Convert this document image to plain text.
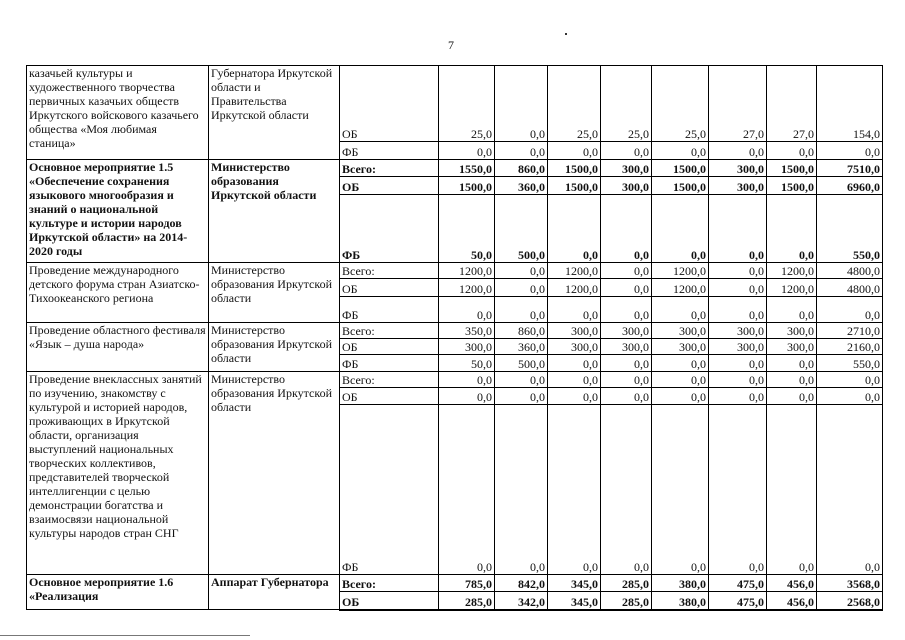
7
казачьей культуры и художественного творчества первичных казачьих обществ Иркутского войскового казачьего общества «Моя любимая станица»	Губернатора Иркутской области и Правительства Иркутской области	ОБ	25,0	0,0	25,0	25,0	25,0	27,0	27,0	154,0
		ФБ	0,0	0,0	0,0	0,0	0,0	0,0	0,0	0,0
Основное мероприятие 1.5 «Обеспечение сохранения языкового многообразия и знаний о национальной культуре и истории народов Иркутской области» на 2014-2020 годы	Министерство образования Иркутской области	Всего:	1550,0	860,0	1500,0	300,0	1500,0	300,0	1500,0	7510,0
		ОБ	1500,0	360,0	1500,0	300,0	1500,0	300,0	1500,0	6960,0
		ФБ	50,0	500,0	0,0	0,0	0,0	0,0	0,0	550,0
Проведение международного детского форума стран Азиатско-Тихоокеанского региона	Министерство образования Иркутской области	Всего:	1200,0	0,0	1200,0	0,0	1200,0	0,0	1200,0	4800,0
		ОБ	1200,0	0,0	1200,0	0,0	1200,0	0,0	1200,0	4800,0
		ФБ	0,0	0,0	0,0	0,0	0,0	0,0	0,0	0,0
Проведение областного фестиваля «Язык – душа народа»	Министерство образования Иркутской области	Всего:	350,0	860,0	300,0	300,0	300,0	300,0	300,0	2710,0
		ОБ	300,0	360,0	300,0	300,0	300,0	300,0	300,0	2160,0
		ФБ	50,0	500,0	0,0	0,0	0,0	0,0	0,0	550,0
Проведение внеклассных занятий по изучению, знакомству с культурой и историей народов, проживающих в Иркутской области, организация выступлений национальных творческих коллективов, представителей творческой интеллигенции с целью демонстрации богатства и взаимосвязи национальной культуры народов стран СНГ	Министерство образования Иркутской области	Всего:	0,0	0,0	0,0	0,0	0,0	0,0	0,0	0,0
		ОБ	0,0	0,0	0,0	0,0	0,0	0,0	0,0	0,0
		ФБ	0,0	0,0	0,0	0,0	0,0	0,0	0,0	0,0
Основное мероприятие 1.6 «Реализация	Аппарат Губернатора	Всего:	785,0	842,0	345,0	285,0	380,0	475,0	456,0	3568,0
		ОБ	285,0	342,0	345,0	285,0	380,0	475,0	456,0	2568,0
